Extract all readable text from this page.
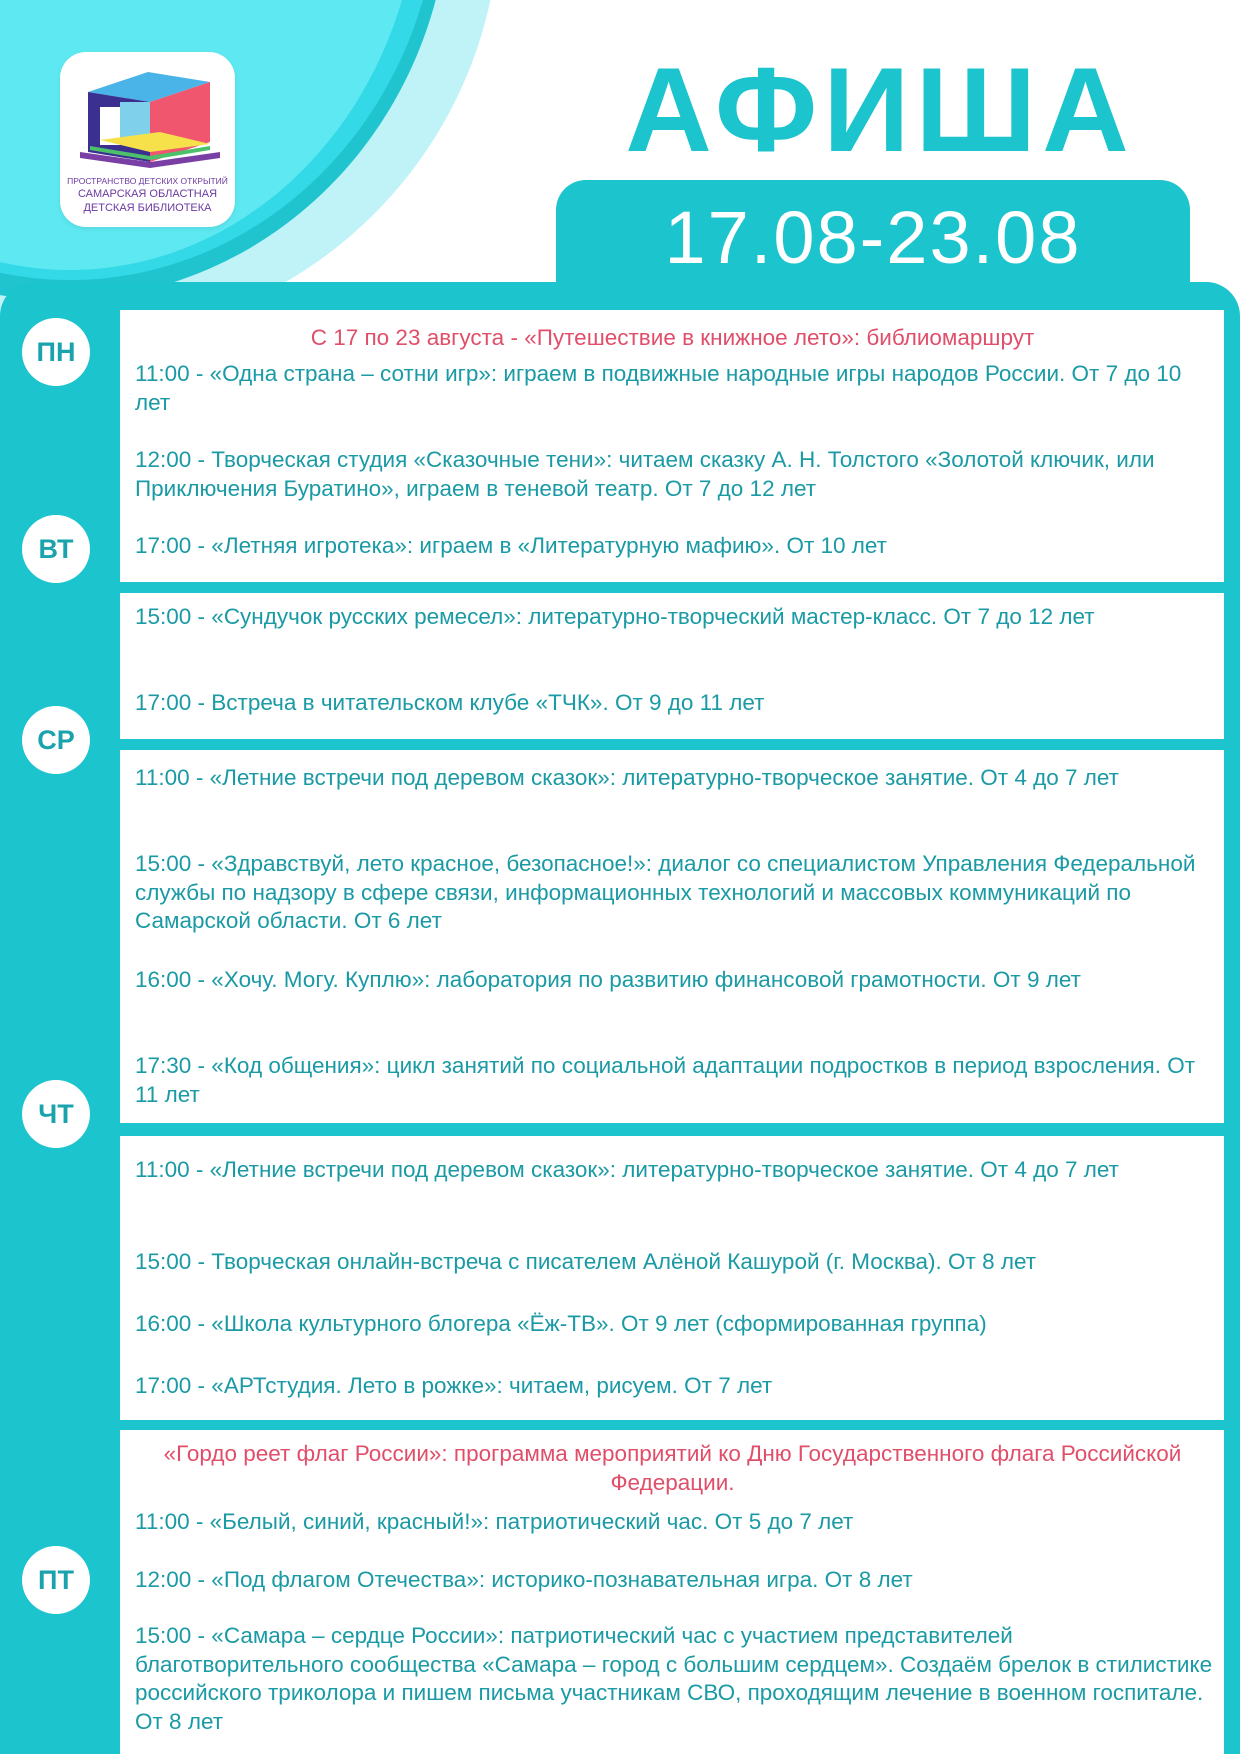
ПРОСТРАНСТВО ДЕТСКИХ ОТКРЫТИЙ
САМАРСКАЯ ОБЛАСТНАЯ
ДЕТСКАЯ БИБЛИОТЕКА
АФИША
17.08-23.08
ПН
ВТ
СР
ЧТ
ПТ
С 17 по 23 августа - «Путешествие в книжное лето»: библиомаршрут
11:00 - «Одна страна – сотни игр»: играем в подвижные народные игры народов России. От 7 до 10 лет
12:00 - Творческая студия «Сказочные тени»: читаем сказку А. Н. Толстого «Золотой ключик, или Приключения Буратино», играем в теневой театр. От 7 до 12 лет
17:00 - «Летняя игротека»: играем в «Литературную мафию». От 10 лет
15:00 - «Сундучок русских ремесел»: литературно-творческий мастер-класс. От 7 до 12 лет
17:00 - Встреча в читательском клубе «ТЧК». От 9 до 11 лет
11:00 - «Летние встречи под деревом сказок»: литературно-творческое занятие. От 4 до 7 лет
15:00 - «Здравствуй, лето красное, безопасное!»: диалог со специалистом Управления Федеральной службы по надзору в сфере связи, информационных технологий и массовых коммуникаций по Самарской области. От 6 лет
16:00 - «Хочу. Могу. Куплю»: лаборатория по развитию финансовой грамотности. От 9 лет
17:30 - «Код общения»: цикл занятий по социальной адаптации подростков в период взросления. От 11 лет
11:00 - «Летние встречи под деревом сказок»: литературно-творческое занятие. От 4 до 7 лет
15:00 - Творческая онлайн-встреча с писателем Алёной Кашурой (г. Москва). От 8 лет
16:00 - «Школа культурного блогера «Ёж-ТВ». От 9 лет (сформированная группа)
17:00 - «АРТстудия. Лето в рожке»: читаем, рисуем. От 7 лет
«Гордо реет флаг России»: программа мероприятий ко Дню Государственного флага Российской Федерации.
11:00 - «Белый, синий, красный!»: патриотический час. От 5 до 7 лет
12:00 - «Под флагом Отечества»: историко-познавательная игра. От 8 лет
15:00 - «Самара – сердце России»: патриотический час с участием представителей благотворительного сообщества «Самара – город с большим сердцем». Создаём брелок в стилистике российского триколора и пишем письма участникам СВО, проходящим лечение в военном госпитале. От 8 лет
